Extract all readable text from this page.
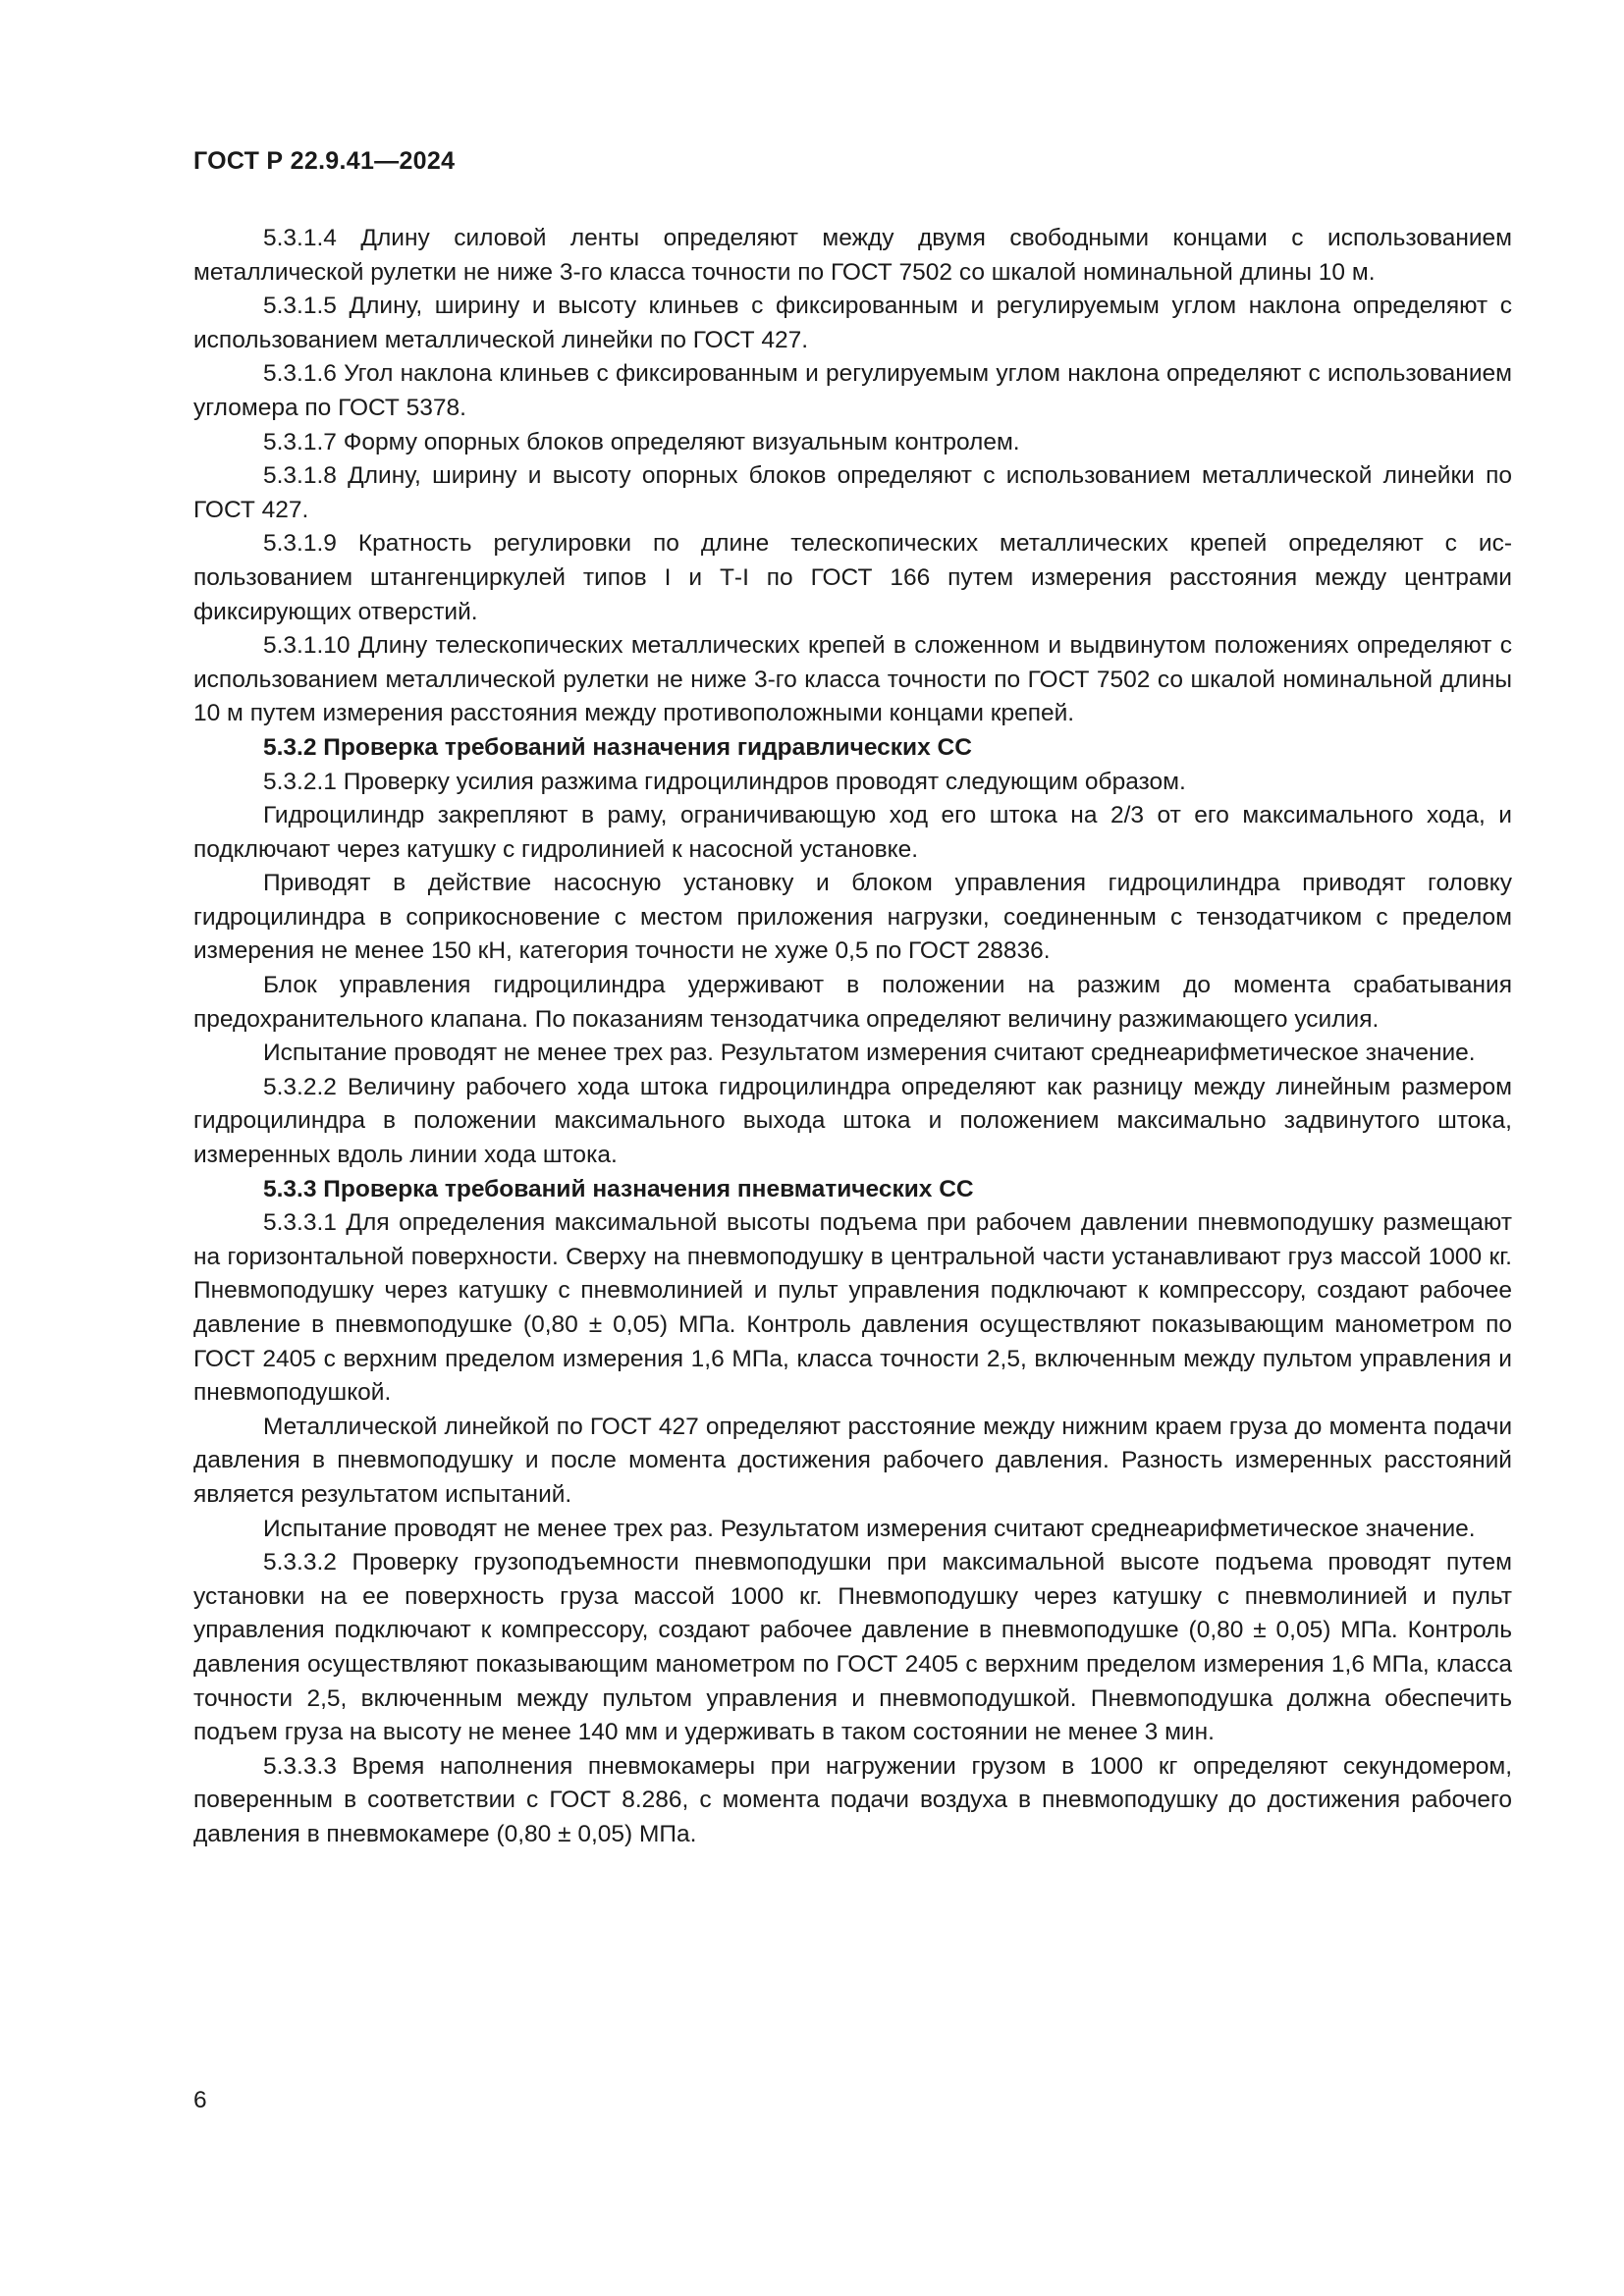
ГОСТ Р 22.9.41—2024

5.3.1.4 Длину силовой ленты определяют между двумя свободными концами с использованием металлической рулетки не ниже 3-го класса точности по ГОСТ 7502 со шкалой номинальной длины 10 м.

5.3.1.5 Длину, ширину и высоту клиньев с фиксированным и регулируемым углом наклона определяют с использованием металлической линейки по ГОСТ 427.

5.3.1.6 Угол наклона клиньев с фиксированным и регулируемым углом наклона определяют с использованием угломера по ГОСТ 5378.

5.3.1.7 Форму опорных блоков определяют визуальным контролем.

5.3.1.8 Длину, ширину и высоту опорных блоков определяют с использованием металлической линейки по ГОСТ 427.

5.3.1.9 Кратность регулировки по длине телескопических металлических крепей определяют с использованием штангенциркулей типов I и Т-I по ГОСТ 166 путем измерения расстояния между центрами фиксирующих отверстий.

5.3.1.10 Длину телескопических металлических крепей в сложенном и выдвинутом положениях определяют с использованием металлической рулетки не ниже 3-го класса точности по ГОСТ 7502 со шкалой номинальной длины 10 м путем измерения расстояния между противоположными концами крепей.

5.3.2 Проверка требований назначения гидравлических СС

5.3.2.1 Проверку усилия разжима гидроцилиндров проводят следующим образом.

Гидроцилиндр закрепляют в раму, ограничивающую ход его штока на 2/3 от его максимального хода, и подключают через катушку с гидролинией к насосной установке.

Приводят в действие насосную установку и блоком управления гидроцилиндра приводят головку гидроцилиндра в соприкосновение с местом приложения нагрузки, соединенным с тензодатчиком с пределом измерения не менее 150 кН, категория точности не хуже 0,5 по ГОСТ 28836.

Блок управления гидроцилиндра удерживают в положении на разжим до момента срабатывания предохранительного клапана. По показаниям тензодатчика определяют величину разжимающего усилия.

Испытание проводят не менее трех раз. Результатом измерения считают среднеарифметическое значение.

5.3.2.2 Величину рабочего хода штока гидроцилиндра определяют как разницу между линейным размером гидроцилиндра в положении максимального выхода штока и положением максимально задвинутого штока, измеренных вдоль линии хода штока.

5.3.3 Проверка требований назначения пневматических СС

5.3.3.1 Для определения максимальной высоты подъема при рабочем давлении пневмоподушку размещают на горизонтальной поверхности. Сверху на пневмоподушку в центральной части устанавливают груз массой 1000 кг. Пневмоподушку через катушку с пневмолинией и пульт управления подключают к компрессору, создают рабочее давление в пневмоподушке (0,80 ± 0,05) МПа. Контроль давления осуществляют показывающим манометром по ГОСТ 2405 с верхним пределом измерения 1,6 МПа, класса точности 2,5, включенным между пультом управления и пневмоподушкой.

Металлической линейкой по ГОСТ 427 определяют расстояние между нижним краем груза до момента подачи давления в пневмоподушку и после момента достижения рабочего давления. Разность измеренных расстояний является результатом испытаний.

Испытание проводят не менее трех раз. Результатом измерения считают среднеарифметическое значение.

5.3.3.2 Проверку грузоподъемности пневмоподушки при максимальной высоте подъема проводят путем установки на ее поверхность груза массой 1000 кг. Пневмоподушку через катушку с пневмолинией и пульт управления подключают к компрессору, создают рабочее давление в пневмоподушке (0,80 ± 0,05) МПа. Контроль давления осуществляют показывающим манометром по ГОСТ 2405 с верхним пределом измерения 1,6 МПа, класса точности 2,5, включенным между пультом управления и пневмоподушкой. Пневмоподушка должна обеспечить подъем груза на высоту не менее 140 мм и удерживать в таком состоянии не менее 3 мин.

5.3.3.3 Время наполнения пневмокамеры при нагружении грузом в 1000 кг определяют секундомером, поверенным в соответствии с ГОСТ 8.286, с момента подачи воздуха в пневмоподушку до достижения рабочего давления в пневмокамере (0,80 ± 0,05) МПа.

6
